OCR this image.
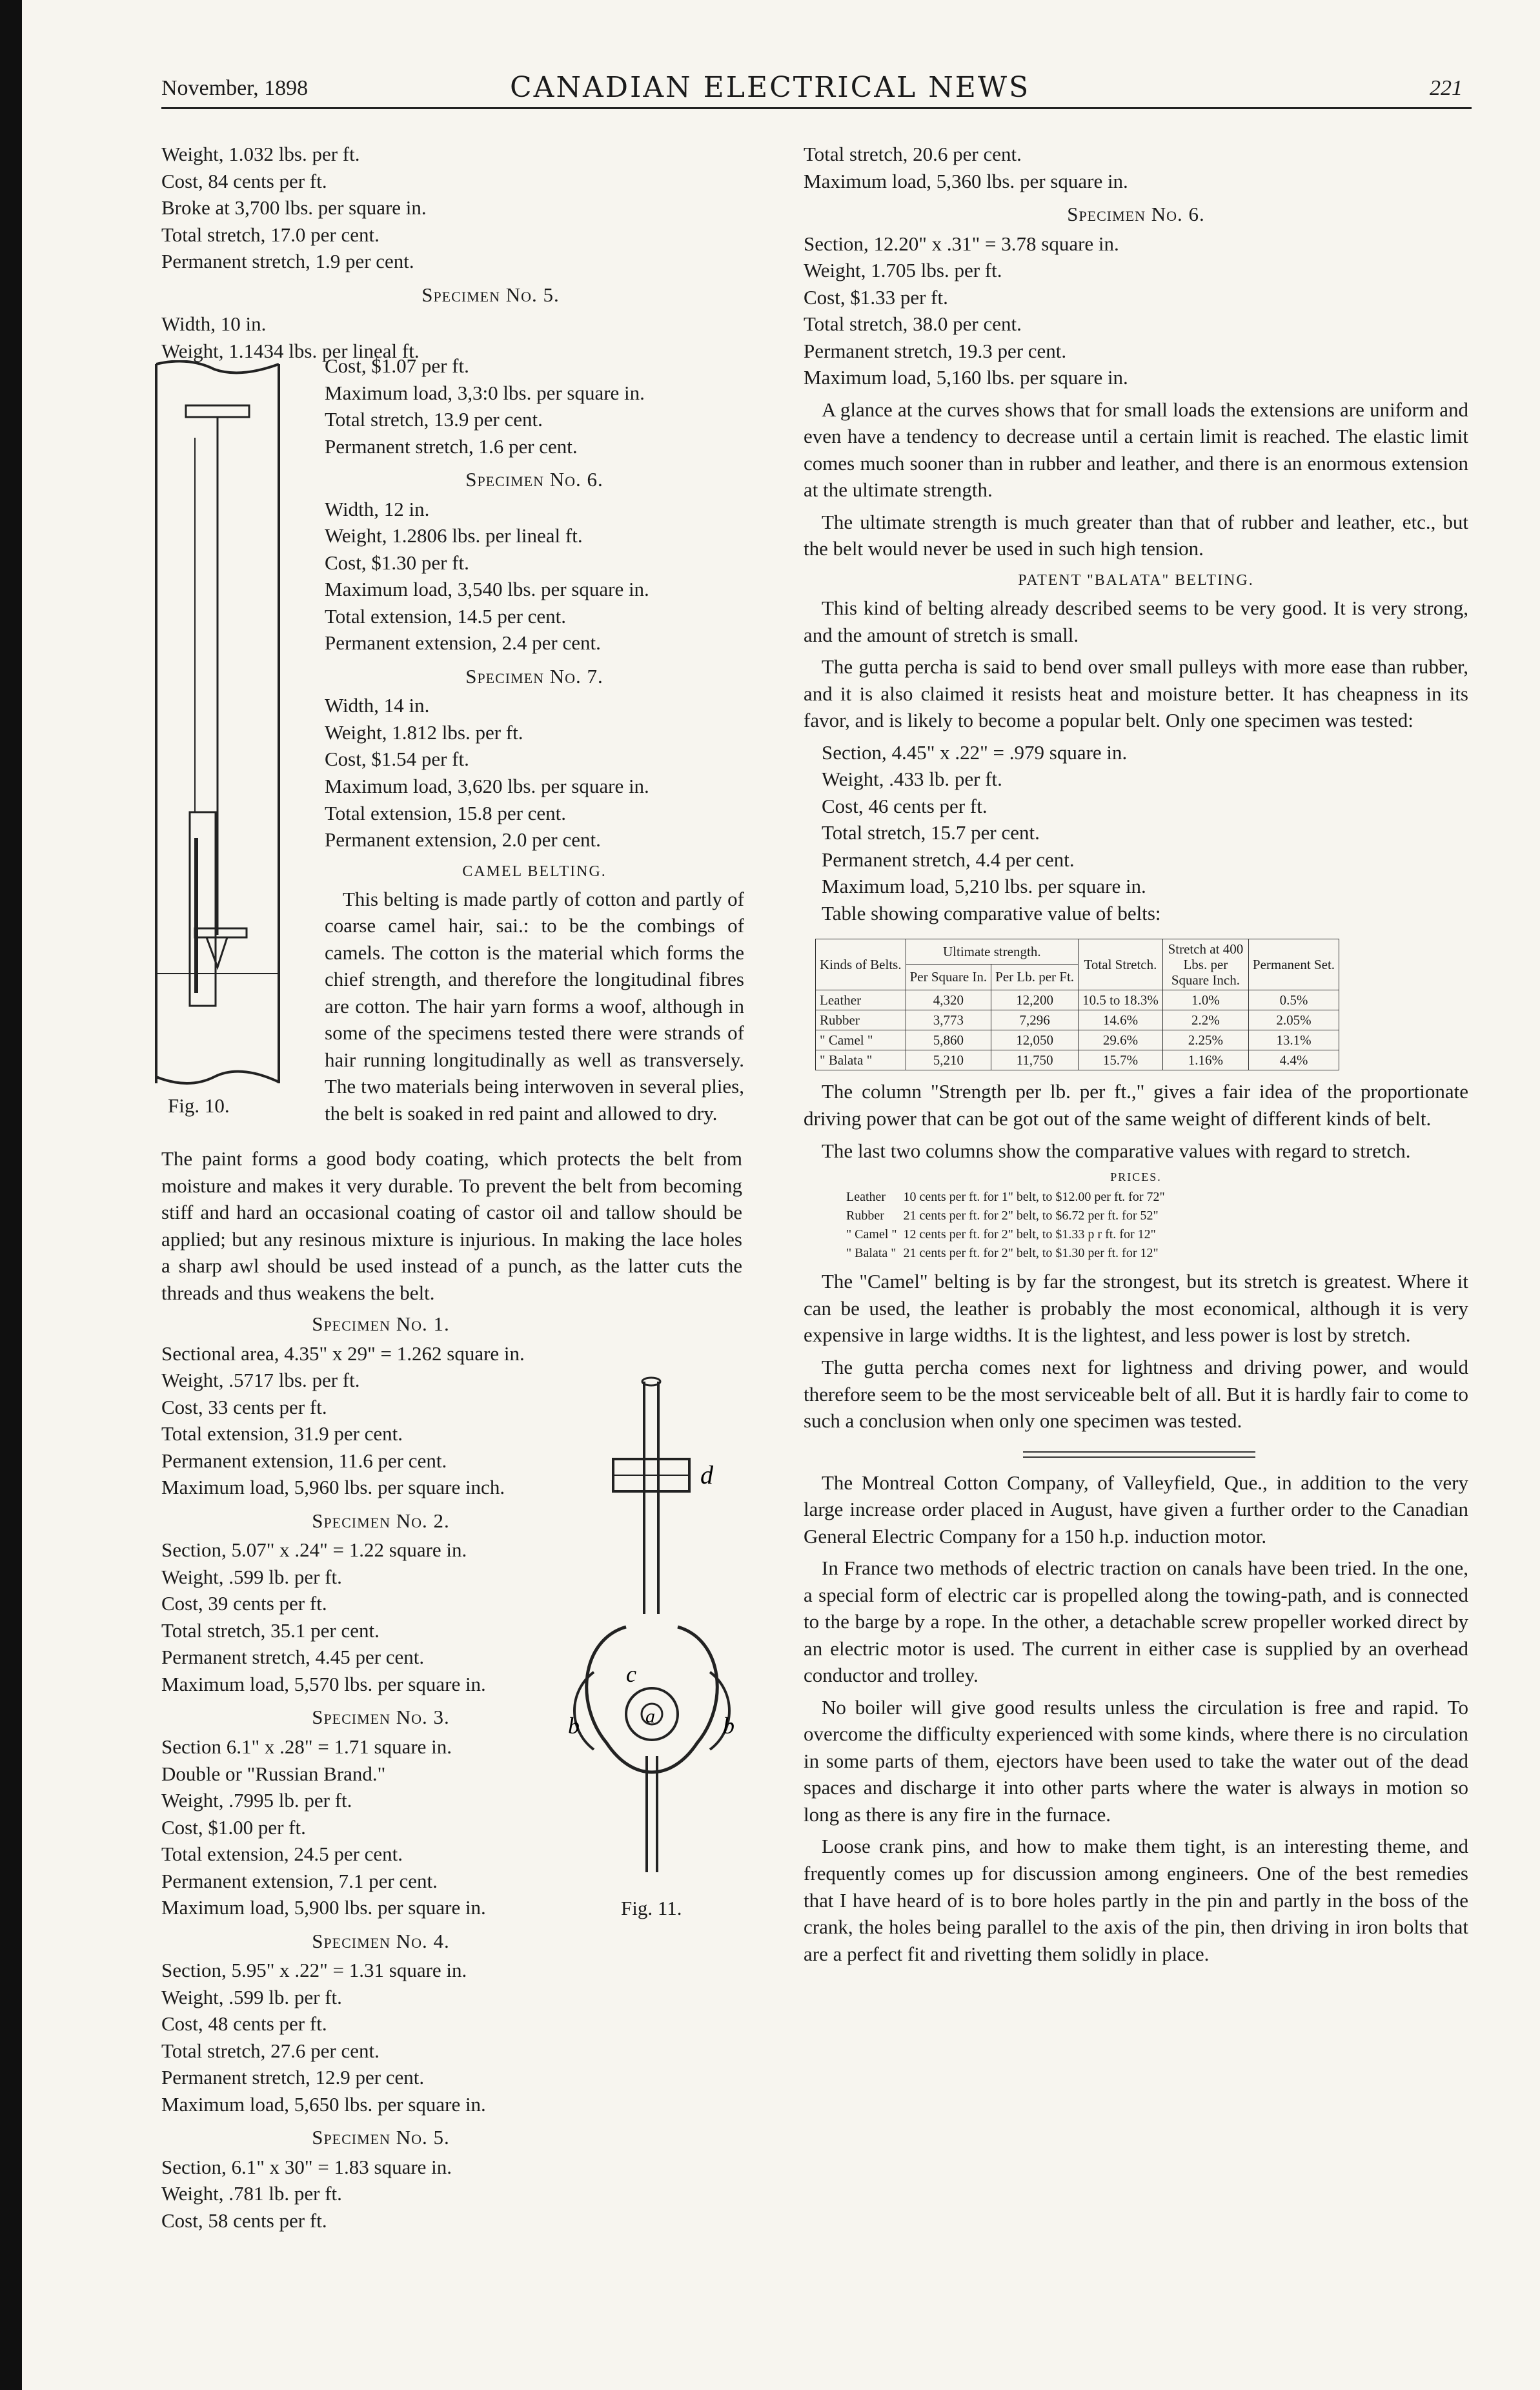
November, 1898	CANADIAN ELECTRICAL NEWS	221

Weight, 1.032 lbs. per ft.

Cost, 84 cents per ft.

Broke at 3,700 lbs. per square in.

Total stretch, 17.0 per cent.

Permanent stretch, 1.9 per cent.

Specimen No. 5.

Width, 10 in.

Weight, 1.1434 lbs. per lineal ft.

Cost, $1.07 per ft.

Maximum load, 3,3:0 lbs. per square in.

Total stretch, 13.9 per cent.

Permanent stretch, 1.6 per cent.

Specimen No. 6.

Width, 12 in.

Weight, 1.2806 lbs. per lineal ft.

Cost, $1.30 per ft.

Maximum load, 3,540 lbs. per square in.

Total extension, 14.5 per cent.

Permanent extension, 2.4 per cent.

Specimen No. 7.

Width, 14 in.

Weight, 1.812 lbs. per ft.

Cost, $1.54 per ft.

Maximum load, 3,620 lbs. per square in.

Total extension, 15.8 per cent.

Permanent extension, 2.0 per cent.

CAMEL BELTING.

This belting is made partly of cotton and partly of coarse camel hair, sai.: to be the combings of camels. The cotton is the material which forms the chief strength, and therefore the longitudinal fibres are cotton. The hair yarn forms a woof, although in some of the specimens tested there were strands of hair running longitudinally as well as transversely. The two materials being interwoven in several plies, the belt is soaked in red paint and allowed to dry.

Fig. 10.

The paint forms a good body coating, which protects the belt from moisture and makes it very durable. To prevent the belt from becoming stiff and hard an occasional coating of castor oil and tallow should be applied; but any resinous mixture is injurious. In making the lace holes a sharp awl should be used instead of a punch, as the latter cuts the threads and thus weakens the belt.

Specimen No. 1.

Sectional area, 4.35" x 29" = 1.262 square in.

Weight, .5717 lbs. per ft.

Cost, 33 cents per ft.

Total extension, 31.9 per cent.

Permanent extension, 11.6 per cent.

Maximum load, 5,960 lbs. per square inch.

Specimen No. 2.

Section, 5.07" x .24" = 1.22 square in.

Weight, .599 lb. per ft.

Cost, 39 cents per ft.

Total stretch, 35.1 per cent.

Permanent stretch, 4.45 per cent.

Maximum load, 5,570 lbs. per square in.

Specimen No. 3.

Section 6.1" x .28" = 1.71 square in.

Double or "Russian Brand."

Weight, .7995 lb. per ft.

Cost, $1.00 per ft.

Total extension, 24.5 per cent.

Permanent extension, 7.1 per cent.

Maximum load, 5,900 lbs. per square in.

Specimen No. 4.

Section, 5.95" x .22" = 1.31 square in.

Weight, .599 lb. per ft.

Cost, 48 cents per ft.

Total stretch, 27.6 per cent.

Permanent stretch, 12.9 per cent.

Maximum load, 5,650 lbs. per square in.

Specimen No. 5.

Section, 6.1" x 30" = 1.83 square in.

Weight, .781 lb. per ft.

Cost, 58 cents per ft.

d
c
b	a	b
Fig. 11.

Total stretch, 20.6 per cent.

Maximum load, 5,360 lbs. per square in.

Specimen No. 6.

Section, 12.20" x .31" = 3.78 square in.

Weight, 1.705 lbs. per ft.

Cost, $1.33 per ft.

Total stretch, 38.0 per cent.

Permanent stretch, 19.3 per cent.

Maximum load, 5,160 lbs. per square in.

A glance at the curves shows that for small loads the extensions are uniform and even have a tendency to decrease until a certain limit is reached. The elastic limit comes much sooner than in rubber and leather, and there is an enormous extension at the ultimate strength.

The ultimate strength is much greater than that of rubber and leather, etc., but the belt would never be used in such high tension.

PATENT "BALATA" BELTING.

This kind of belting already described seems to be very good. It is very strong, and the amount of stretch is small.

The gutta percha is said to bend over small pulleys with more ease than rubber, and it is also claimed it resists heat and moisture better. It has cheapness in its favor, and is likely to become a popular belt. Only one specimen was tested:

Section, 4.45" x .22" = .979 square in.

Weight, .433 lb. per ft.

Cost, 46 cents per ft.

Total stretch, 15.7 per cent.

Permanent stretch, 4.4 per cent.

Maximum load, 5,210 lbs. per square in.

Table showing comparative value of belts:

Kinds of Belts.	Ultimate strength.		Total Stretch.	Stretch at 400 Lbs. per Square Inch.	Permanent Set.
	Per Square In.	Per Lb. per Ft.			
Leather	4,320	12,200	10.5 to 18.3%	1.0%	0.5%
Rubber	3,773	7,296	14.6%	2.2%	2.05%
" Camel "	5,860	12,050	29.6%	2.25%	13.1%
" Balata "	5,210	11,750	15.7%	1.16%	4.4%

The column "Strength per lb. per ft.," gives a fair idea of the proportionate driving power that can be got out of the same weight of different kinds of belt.

The last two columns show the comparative values with regard to stretch.

PRICES.

Leather	10 cents per ft. for 1" belt, to $12.00 per ft. for 72"
Rubber	21 cents per ft. for 2" belt, to $6.72 per ft. for 52"
" Camel "	12 cents per ft. for 2" belt, to $1.33 p r ft. for 12"
" Balata "	21 cents per ft. for 2" belt, to $1.30 per ft. for 12"

The "Camel" belting is by far the strongest, but its stretch is greatest. Where it can be used, the leather is probably the most economical, although it is very expensive in large widths. It is the lightest, and less power is lost by stretch.

The gutta percha comes next for lightness and driving power, and would therefore seem to be the most serviceable belt of all. But it is hardly fair to come to such a conclusion when only one specimen was tested.

The Montreal Cotton Company, of Valleyfield, Que., in addition to the very large increase order placed in August, have given a further order to the Canadian General Electric Company for a 150 h.p. induction motor.

In France two methods of electric traction on canals have been tried. In the one, a special form of electric car is propelled along the towing-path, and is connected to the barge by a rope. In the other, a detachable screw propeller worked direct by an electric motor is used. The current in either case is supplied by an overhead conductor and trolley.

No boiler will give good results unless the circulation is free and rapid. To overcome the difficulty experienced with some kinds, where there is no circulation in some parts of them, ejectors have been used to take the water out of the dead spaces and discharge it into other parts where the water is always in motion so long as there is any fire in the furnace.

Loose crank pins, and how to make them tight, is an interesting theme, and frequently comes up for discussion among engineers. One of the best remedies that I have heard of is to bore holes partly in the pin and partly in the boss of the crank, the holes being parallel to the axis of the pin, then driving in iron bolts that are a perfect fit and rivetting them solidly in place.
